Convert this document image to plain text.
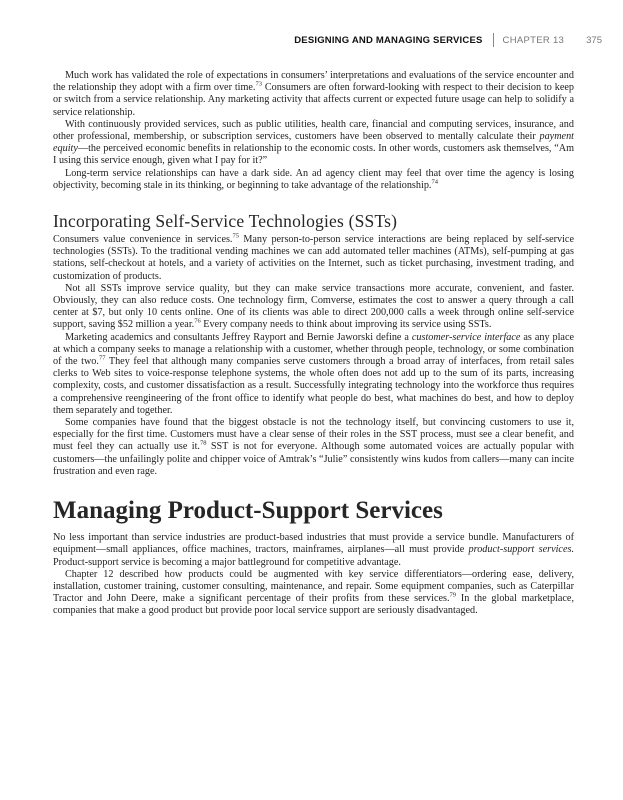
DESIGNING AND MANAGING SERVICES CHAPTER 13 375

Much work has validated the role of expectations in consumers’ interpretations and evaluations of the service encounter and the relationship they adopt with a firm over time.$^{73}$ Consumers are often forward-looking with respect to their decision to keep or switch from a service relationship. Any marketing activity that affects current or expected future usage can help to solidify a service relationship.

With continuously provided services, such as public utilities, health care, financial and computing services, insurance, and other professional, membership, or subscription services, customers have been observed to mentally calculate their payment equity—the perceived economic benefits in relationship to the economic costs. In other words, customers ask themselves, “Am I using this service enough, given what I pay for it?”

Long-term service relationships can have a dark side. An ad agency client may feel that over time the agency is losing objectivity, becoming stale in its thinking, or beginning to take advantage of the relationship.$^{74}$

Incorporating Self-Service Technologies (SSTs)

Consumers value convenience in services.$^{75}$ Many person-to-person service interactions are being replaced by self-service technologies (SSTs). To the traditional vending machines we can add automated teller machines (ATMs), self-pumping at gas stations, self-checkout at hotels, and a variety of activities on the Internet, such as ticket purchasing, investment trading, and customization of products.

Not all SSTs improve service quality, but they can make service transactions more accurate, convenient, and faster. Obviously, they can also reduce costs. One technology firm, Comverse, estimates the cost to answer a query through a call center at $7, but only 10 cents online. One of its clients was able to direct 200,000 calls a week through online self-service support, saving $52 million a year.$^{76}$ Every company needs to think about improving its service using SSTs.

Marketing academics and consultants Jeffrey Rayport and Bernie Jaworski define a customer-service interface as any place at which a company seeks to manage a relationship with a customer, whether through people, technology, or some combination of the two.$^{77}$ They feel that although many companies serve customers through a broad array of interfaces, from retail sales clerks to Web sites to voice-response telephone systems, the whole often does not add up to the sum of its parts, increasing complexity, costs, and customer dissatisfaction as a result. Successfully integrating technology into the workforce thus requires a comprehensive reengineering of the front office to identify what people do best, what machines do best, and how to deploy them separately and together.

Some companies have found that the biggest obstacle is not the technology itself, but convincing customers to use it, especially for the first time. Customers must have a clear sense of their roles in the SST process, must see a clear benefit, and must feel they can actually use it.$^{78}$ SST is not for everyone. Although some automated voices are actually popular with customers—the unfailingly polite and chipper voice of Amtrak’s “Julie” consistently wins kudos from callers—many can incite frustration and even rage.

Managing Product-Support Services

No less important than service industries are product-based industries that must provide a service bundle. Manufacturers of equipment—small appliances, office machines, tractors, mainframes, airplanes—all must provide product-support services. Product-support service is becoming a major battleground for competitive advantage.

Chapter 12 described how products could be augmented with key service differentiators—ordering ease, delivery, installation, customer training, customer consulting, maintenance, and repair. Some equipment companies, such as Caterpillar Tractor and John Deere, make a significant percentage of their profits from these services.$^{79}$ In the global marketplace, companies that make a good product but provide poor local service support are seriously disadvantaged.
